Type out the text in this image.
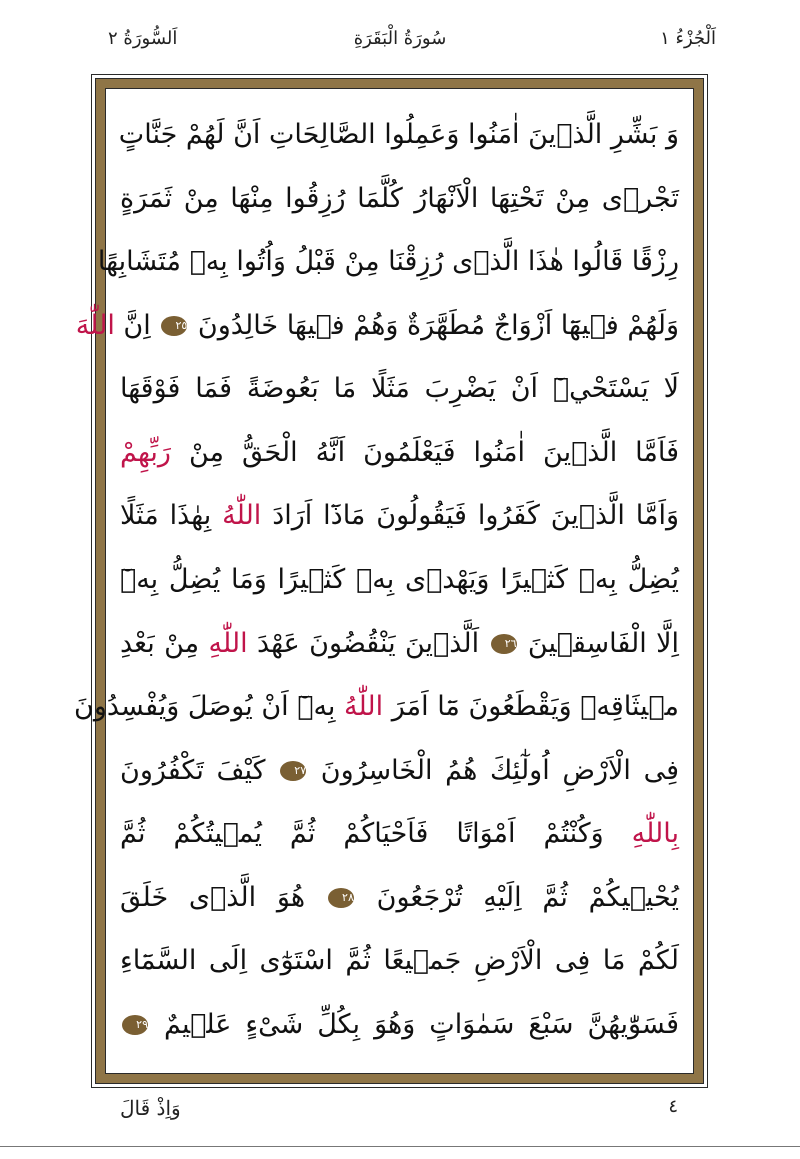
اَلْجُزْءُ ١
سُورَةُ الْبَقَرَةِ
اَلسُّورَةُ ٢
وَ بَشِّرِ الَّذٖينَ اٰمَنُوا وَعَمِلُوا الصَّالِحَاتِ اَنَّ لَهُمْ جَنَّاتٍ
تَجْرٖى مِنْ تَحْتِهَا الْاَنْهَارُ كُلَّمَا رُزِقُوا مِنْهَا مِنْ ثَمَرَةٍ
رِزْقًا قَالُوا هٰذَا الَّذٖى رُزِقْنَا مِنْ قَبْلُ وَاُتُوا بِهٖ مُتَشَابِهًا
وَلَهُمْ فٖيهَٓا اَزْوَاجٌ مُطَهَّرَةٌ وَهُمْ فٖيهَا خَالِدُونَ ٢٥ اِنَّ اللّٰهَ
لَا يَسْتَحْيٖٓ اَنْ يَضْرِبَ مَثَلًا مَا بَعُوضَةً فَمَا فَوْقَهَا
فَاَمَّا الَّذٖينَ اٰمَنُوا فَيَعْلَمُونَ اَنَّهُ الْحَقُّ مِنْ رَبِّهِمْ
وَاَمَّا الَّذٖينَ كَفَرُوا فَيَقُولُونَ مَاذَٓا اَرَادَ اللّٰهُ بِهٰذَا مَثَلًا
يُضِلُّ بِهٖ كَثٖيرًا وَيَهْدٖى بِهٖ كَثٖيرًا وَمَا يُضِلُّ بِهٖٓ
اِلَّا الْفَاسِقٖينَ ٢٦ اَلَّذٖينَ يَنْقُضُونَ عَهْدَ اللّٰهِ مِنْ بَعْدِ
مٖيثَاقِهٖ وَيَقْطَعُونَ مَٓا اَمَرَ اللّٰهُ بِهٖٓ اَنْ يُوصَلَ وَيُفْسِدُونَ
فِى الْاَرْضِ اُولٰٓئِكَ هُمُ الْخَاسِرُونَ ٢٧ كَيْفَ تَكْفُرُونَ
بِاللّٰهِ وَكُنْتُمْ اَمْوَاتًا فَاَحْيَاكُمْ ثُمَّ يُمٖيتُكُمْ ثُمَّ
يُحْيٖيكُمْ ثُمَّ اِلَيْهِ تُرْجَعُونَ ٢٨ هُوَ الَّذٖى خَلَقَ
لَكُمْ مَا فِى الْاَرْضِ جَمٖيعًا ثُمَّ اسْتَوٰٓى اِلَى السَّمَٓاءِ
فَسَوّٰيهُنَّ سَبْعَ سَمٰوَاتٍ وَهُوَ بِكُلِّ شَىْءٍ عَلٖيمٌ ٢٩
وَاِذْ قَالَ	٤
